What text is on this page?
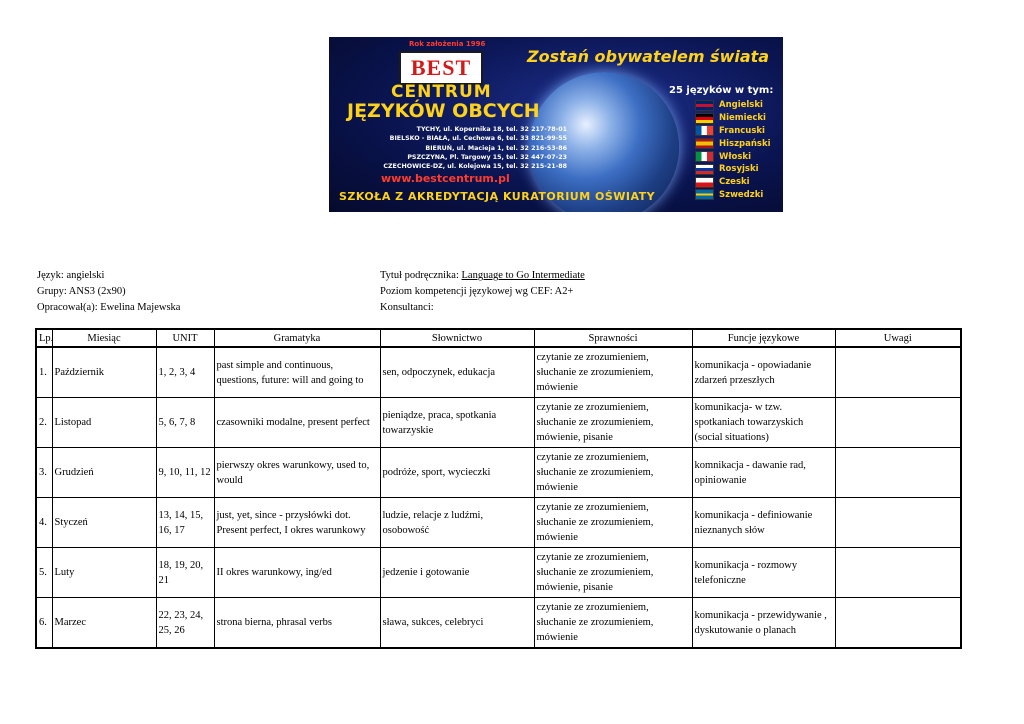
Rok założenia 1996
BEST	Zostań obywatelem świata
CENTRUM
JĘZYKÓW OBCYCH
TYCHY, ul. Kopernika 18, tel. 32 217-78-01
BIELSKO - BIAŁA, ul. Cechowa 6, tel. 33 821-99-55
BIERUŃ, ul. Macieja 1, tel. 32 216-53-86
PSZCZYNA, Pl. Targowy 15, tel. 32 447-07-23
CZECHOWICE-DZ, ul. Kolejowa 15, tel. 32 215-21-88
www.bestcentrum.pl
SZKOŁA Z AKREDYTACJĄ KURATORIUM OŚWIATY
25 języków w tym:
Angielski
Niemiecki
Francuski
Hiszpański
Włoski
Rosyjski
Czeski
Szwedzki
Język: angielski
Grupy: ANS3 (2x90)
Opracował(a): Ewelina Majewska
Tytuł podręcznika: Language to Go Intermediate
Poziom kompetencji językowej wg CEF: A2+
Konsultanci:
Lp.	Miesiąc	UNIT	Gramatyka	Słownictwo	Sprawności	Funcje językowe	Uwagi
1.	Październik	1, 2, 3, 4	past simple and continuous, questions, future: will and going to	sen, odpoczynek, edukacja	czytanie ze zrozumieniem, słuchanie ze zrozumieniem, mówienie	komunikacja - opowiadanie zdarzeń przeszłych	
2.	Listopad	5, 6, 7, 8	czasowniki modalne, present perfect	pieniądze, praca, spotkania towarzyskie	czytanie ze zrozumieniem, słuchanie ze zrozumieniem, mówienie, pisanie	komunikacja- w tzw. spotkaniach towarzyskich (social situations)	
3.	Grudzień	9, 10, 11, 12	pierwszy okres warunkowy, used to, would	podróże, sport, wycieczki	czytanie ze zrozumieniem, słuchanie ze zrozumieniem, mówienie	komnikacja - dawanie rad, opiniowanie	
4.	Styczeń	13, 14, 15, 16, 17	just, yet, since - przysłówki dot. Present perfect, I okres warunkowy	ludzie, relacje z ludźmi, osobowość	czytanie ze zrozumieniem, słuchanie ze zrozumieniem, mówienie	komunikacja - definiowanie nieznanych słów	
5.	Luty	18, 19, 20, 21	II okres warunkowy, ing/ed	jedzenie i gotowanie	czytanie ze zrozumieniem, słuchanie ze zrozumieniem, mówienie, pisanie	komunikacja - rozmowy telefoniczne	
6.	Marzec	22, 23, 24, 25, 26	strona bierna, phrasal verbs	sława, sukces, celebryci	czytanie ze zrozumieniem, słuchanie ze zrozumieniem, mówienie	komunikacja - przewidywanie , dyskutowanie o planach	
